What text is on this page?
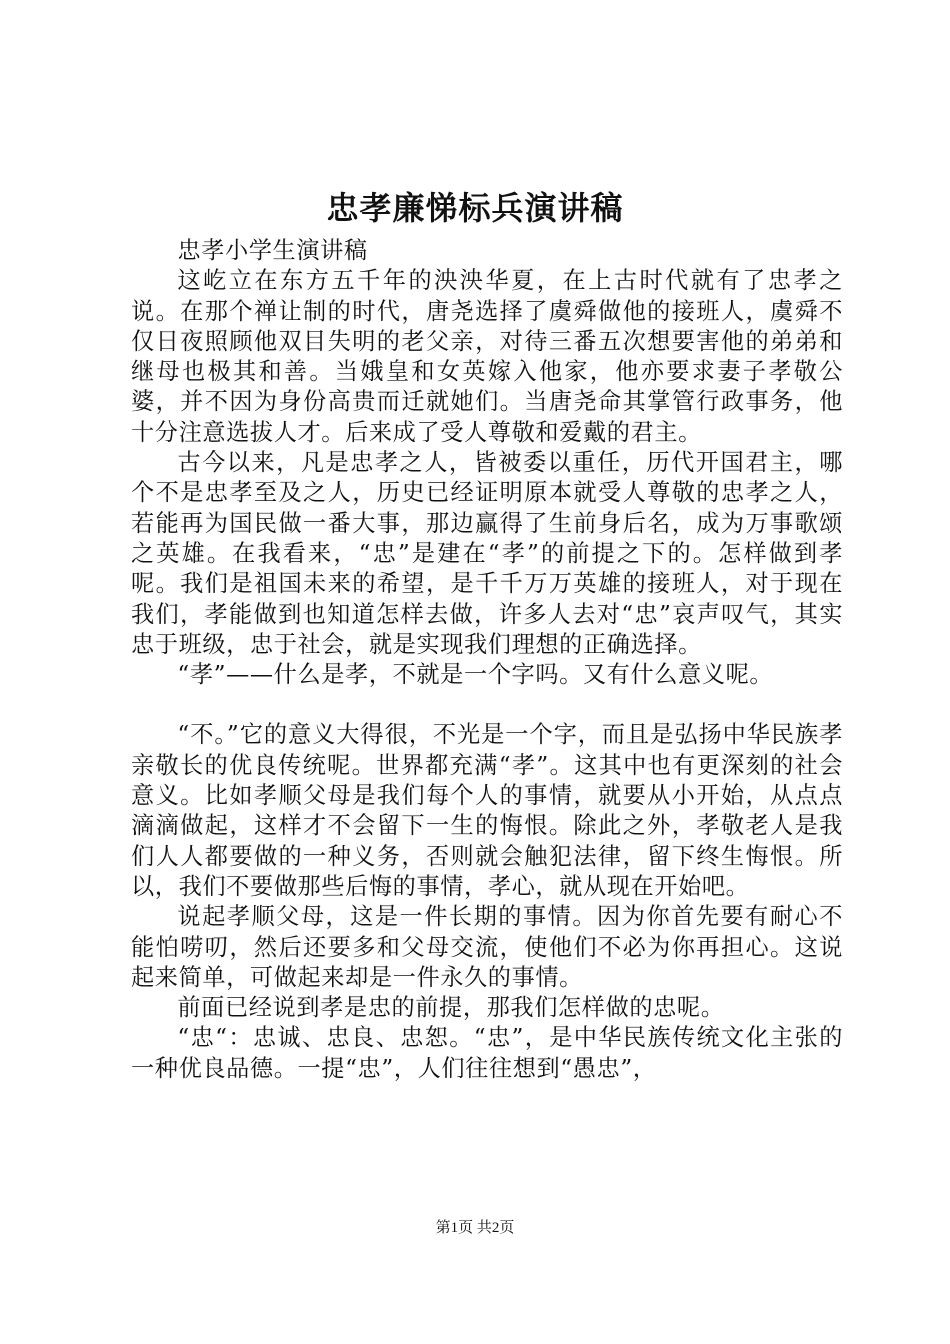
忠孝廉悌标兵演讲稿

忠孝小学生演讲稿

这屹立在东方五千年的泱泱华夏，在上古时代就有了忠孝之说。在那个禅让制的时代，唐尧选择了虞舜做他的接班人，虞舜不仅日夜照顾他双目失明的老父亲，对待三番五次想要害他的弟弟和继母也极其和善。当娥皇和女英嫁入他家，他亦要求妻子孝敬公婆，并不因为身份高贵而迁就她们。当唐尧命其掌管行政事务，他十分注意选拔人才。后来成了受人尊敬和爱戴的君主。

古今以来，凡是忠孝之人，皆被委以重任，历代开国君主，哪个不是忠孝至及之人，历史已经证明原本就受人尊敬的忠孝之人，若能再为国民做一番大事，那边赢得了生前身后名，成为万事歌颂之英雄。在我看来，“忠”是建在“孝”的前提之下的。怎样做到孝呢。我们是祖国未来的希望，是千千万万英雄的接班人，对于现在我们，孝能做到也知道怎样去做，许多人去对“忠”哀声叹气，其实忠于班级，忠于社会，就是实现我们理想的正确选择。

“孝”——什么是孝，不就是一个字吗。又有什么意义呢。

“不。”它的意义大得很，不光是一个字，而且是弘扬中华民族孝亲敬长的优良传统呢。世界都充满“孝”。这其中也有更深刻的社会意义。比如孝顺父母是我们每个人的事情，就要从小开始，从点点滴滴做起，这样才不会留下一生的悔恨。除此之外，孝敬老人是我们人人都要做的一种义务，否则就会触犯法律，留下终生悔恨。所以，我们不要做那些后悔的事情，孝心，就从现在开始吧。

说起孝顺父母，这是一件长期的事情。因为你首先要有耐心不能怕唠叨，然后还要多和父母交流，使他们不必为你再担心。这说起来简单，可做起来却是一件永久的事情。

前面已经说到孝是忠的前提，那我们怎样做的忠呢。

“忠“：忠诚、忠良、忠恕。“忠”，是中华民族传统文化主张的一种优良品德。一提“忠”，人们往往想到“愚忠”，

第1页 共2页
